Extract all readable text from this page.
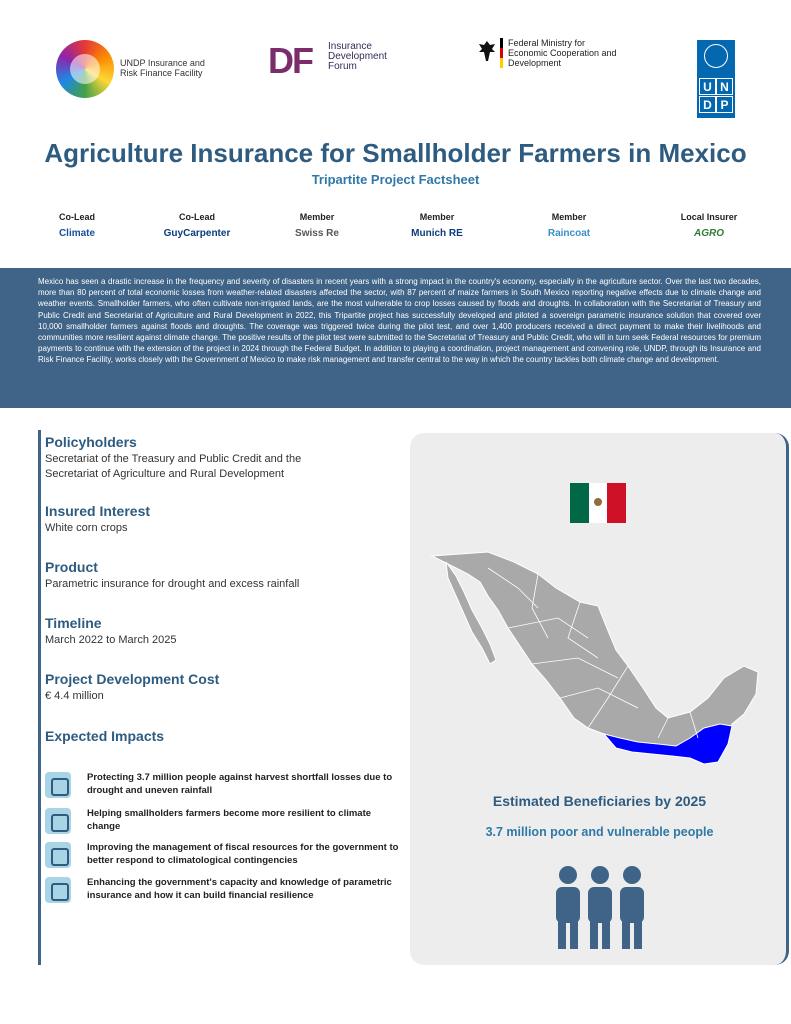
UNDP Insurance and Risk Finance Facility	DF Insurance Development Forum
Federal Ministry for Economic Cooperation and Development
U N
D P
Agriculture Insurance for Smallholder Farmers in Mexico
Tripartite Project Factsheet
Co-Lead
Climate
Co-Lead
GuyCarpenter
Member
Swiss Re
Member
Munich RE
Member
Raincoat
Local Insurer
AGRO

Mexico has seen a drastic increase in the frequency and severity of disasters in recent years with a strong impact in the country's economy, especially in the agriculture sector. Over the last two decades, more than 80 percent of total economic losses from weather-related disasters affected the sector, with 87 percent of maize farmers in South Mexico reporting negative effects due to climate change and weather events. Smallholder farmers, who often cultivate non-irrigated lands, are the most vulnerable to crop losses caused by floods and droughts. In collaboration with the Secretariat of Treasury and Public Credit and Secretariat of Agriculture and Rural Development in 2022, this Tripartite project has successfully developed and piloted a sovereign parametric insurance solution that covered over 10,000 smallholder farmers against floods and droughts. The coverage was triggered twice during the pilot test, and over 1,400 producers received a direct payment to make their livelihoods and communities more resilient against climate change. The positive results of the pilot test were submitted to the Secretariat of Treasury and Public Credit, who will in turn seek Federal resources for premium payments to continue with the extension of the project in 2024 through the Federal Budget. In addition to playing a coordination, project management and convening role, UNDP, through its Insurance and Risk Finance Facility, works closely with the Government of Mexico to make risk management and transfer central to the way in which the country tackles both climate change and development.

Policyholders
Secretariat of the Treasury and Public Credit and the Secretariat of Agriculture and Rural Development
Insured Interest
White corn crops
Product
Parametric insurance for drought and excess rainfall
Timeline
March 2022 to March 2025
Project Development Cost
€ 4.4 million
Expected Impacts
Protecting 3.7 million people against harvest shortfall losses due to drought and uneven rainfall
Helping smallholders farmers become more resilient to climate change
Improving the management of fiscal resources for the government to better respond to climatological contingencies
Enhancing the government's capacity and knowledge of parametric insurance and how it can build financial resilience
Estimated Beneficiaries by 2025
3.7 million poor and vulnerable people
